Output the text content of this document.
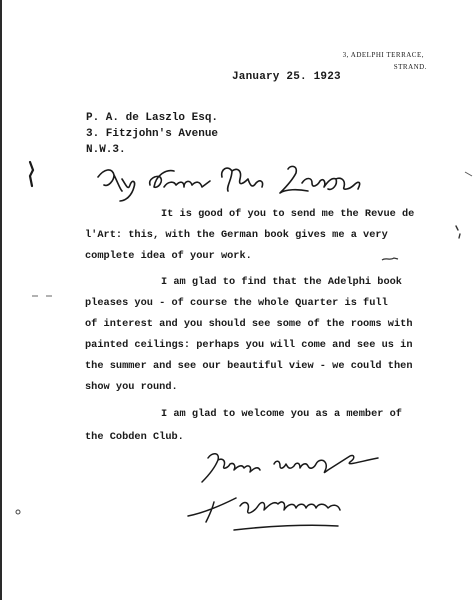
3, ADELPHI TERRACE,
STRAND.
January 25. 1923
P. A. de Laszlo Esq.
3. Fitzjohn's Avenue
N.W.3.

It is good of you to send me the Revue de

l'Art: this, with the German book gives me a very

complete idea of your work.

I am glad to find that the Adelphi book

pleases you - of course the whole Quarter is full

of interest and you should see some of the rooms with

painted ceilings: perhaps you will come and see us in

the summer and see our beautiful view - we could then

show you round.

I am glad to welcome you as a member of

the Cobden Club.
